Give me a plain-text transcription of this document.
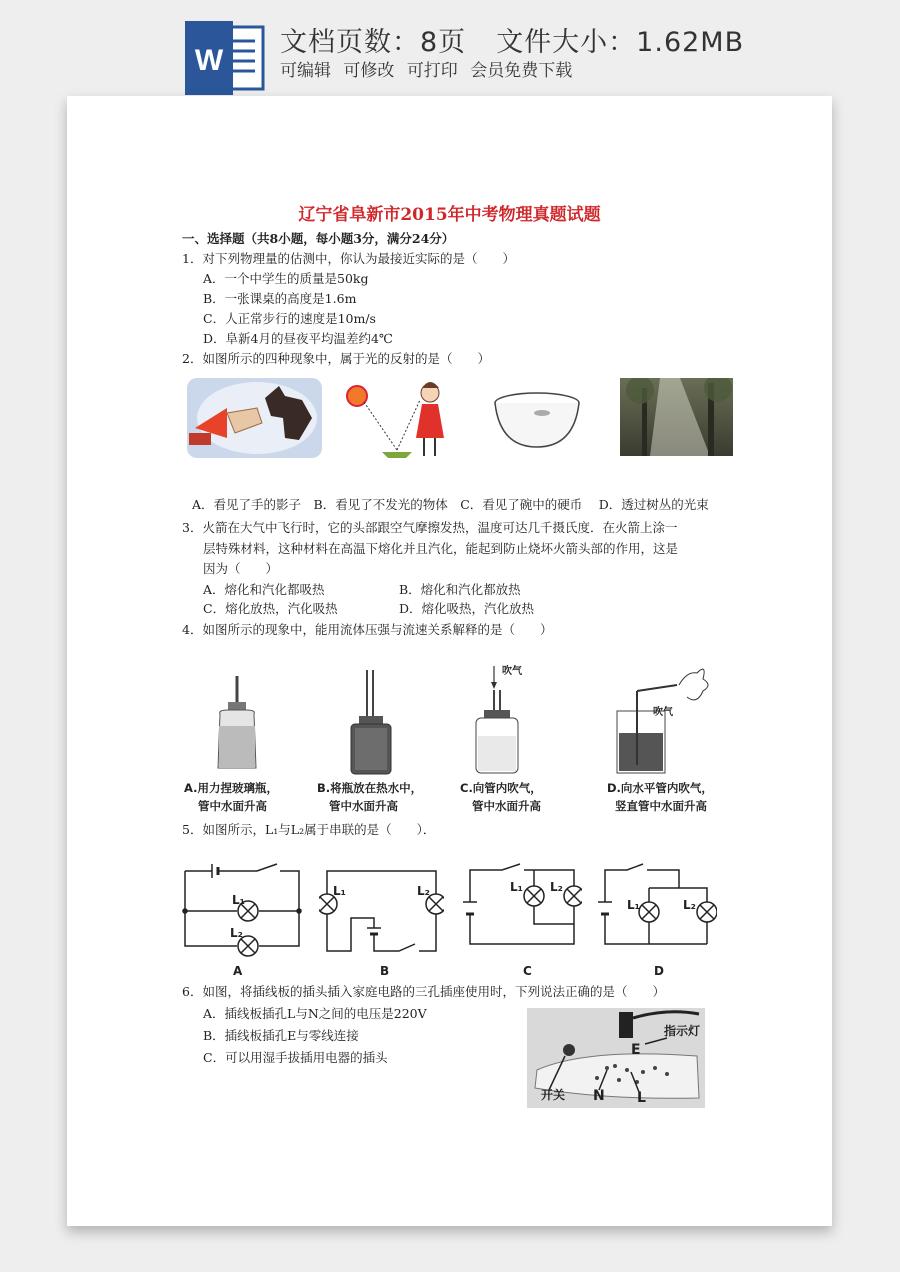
W
文档页数：8页 文件大小：1.62MB
可编辑 可修改 可打印 会员免费下载
辽宁省阜新市2015年中考物理真题试题
一、选择题（共8小题，每小题3分，满分24分）
1．对下列物理量的估测中，你认为最接近实际的是（　　）
A．一个中学生的质量是50kg
B．一张课桌的高度是1.6m
C．人正常步行的速度是10m/s
D．阜新4月的昼夜平均温差约4℃
2．如图所示的四种现象中，属于光的反射的是（　　）
A．看见了手的影子　B．看见了不发光的物体　C．看见了碗中的硬币　 D．透过树丛的光束
3．火箭在大气中飞行时，它的头部跟空气摩擦发热，温度可达几千摄氏度．在火箭上涂一
层特殊材料，这种材料在高温下熔化并且汽化，能起到防止烧坏火箭头部的作用，这是
因为（　　）
A．熔化和汽化都吸热	B．熔化和汽化都放热
C．熔化放热，汽化吸热	D．熔化吸热，汽化放热
4．如图所示的现象中，能用流体压强与流速关系解释的是（　　）
吹气
吹气
A.用力捏玻璃瓶，
管中水面升高
B.将瓶放在热水中，
管中水面升高
C.向管内吹气，
管中水面升高
D.向水平管内吹气，
竖直管中水面升高
5．如图所示，L₁与L₂属于串联的是（　　）．
L₁
L₂
A
L₁	L₂
B
L₁ L₂
C
L₁	L₂
D
6．如图，将插线板的插头插入家庭电路的三孔插座使用时，下列说法正确的是（　　）
A．插线板插孔L与N之间的电压是220V
B．插线板插孔E与零线连接
C．可以用湿手拔插用电器的插头
指示灯
E
开关 N L
